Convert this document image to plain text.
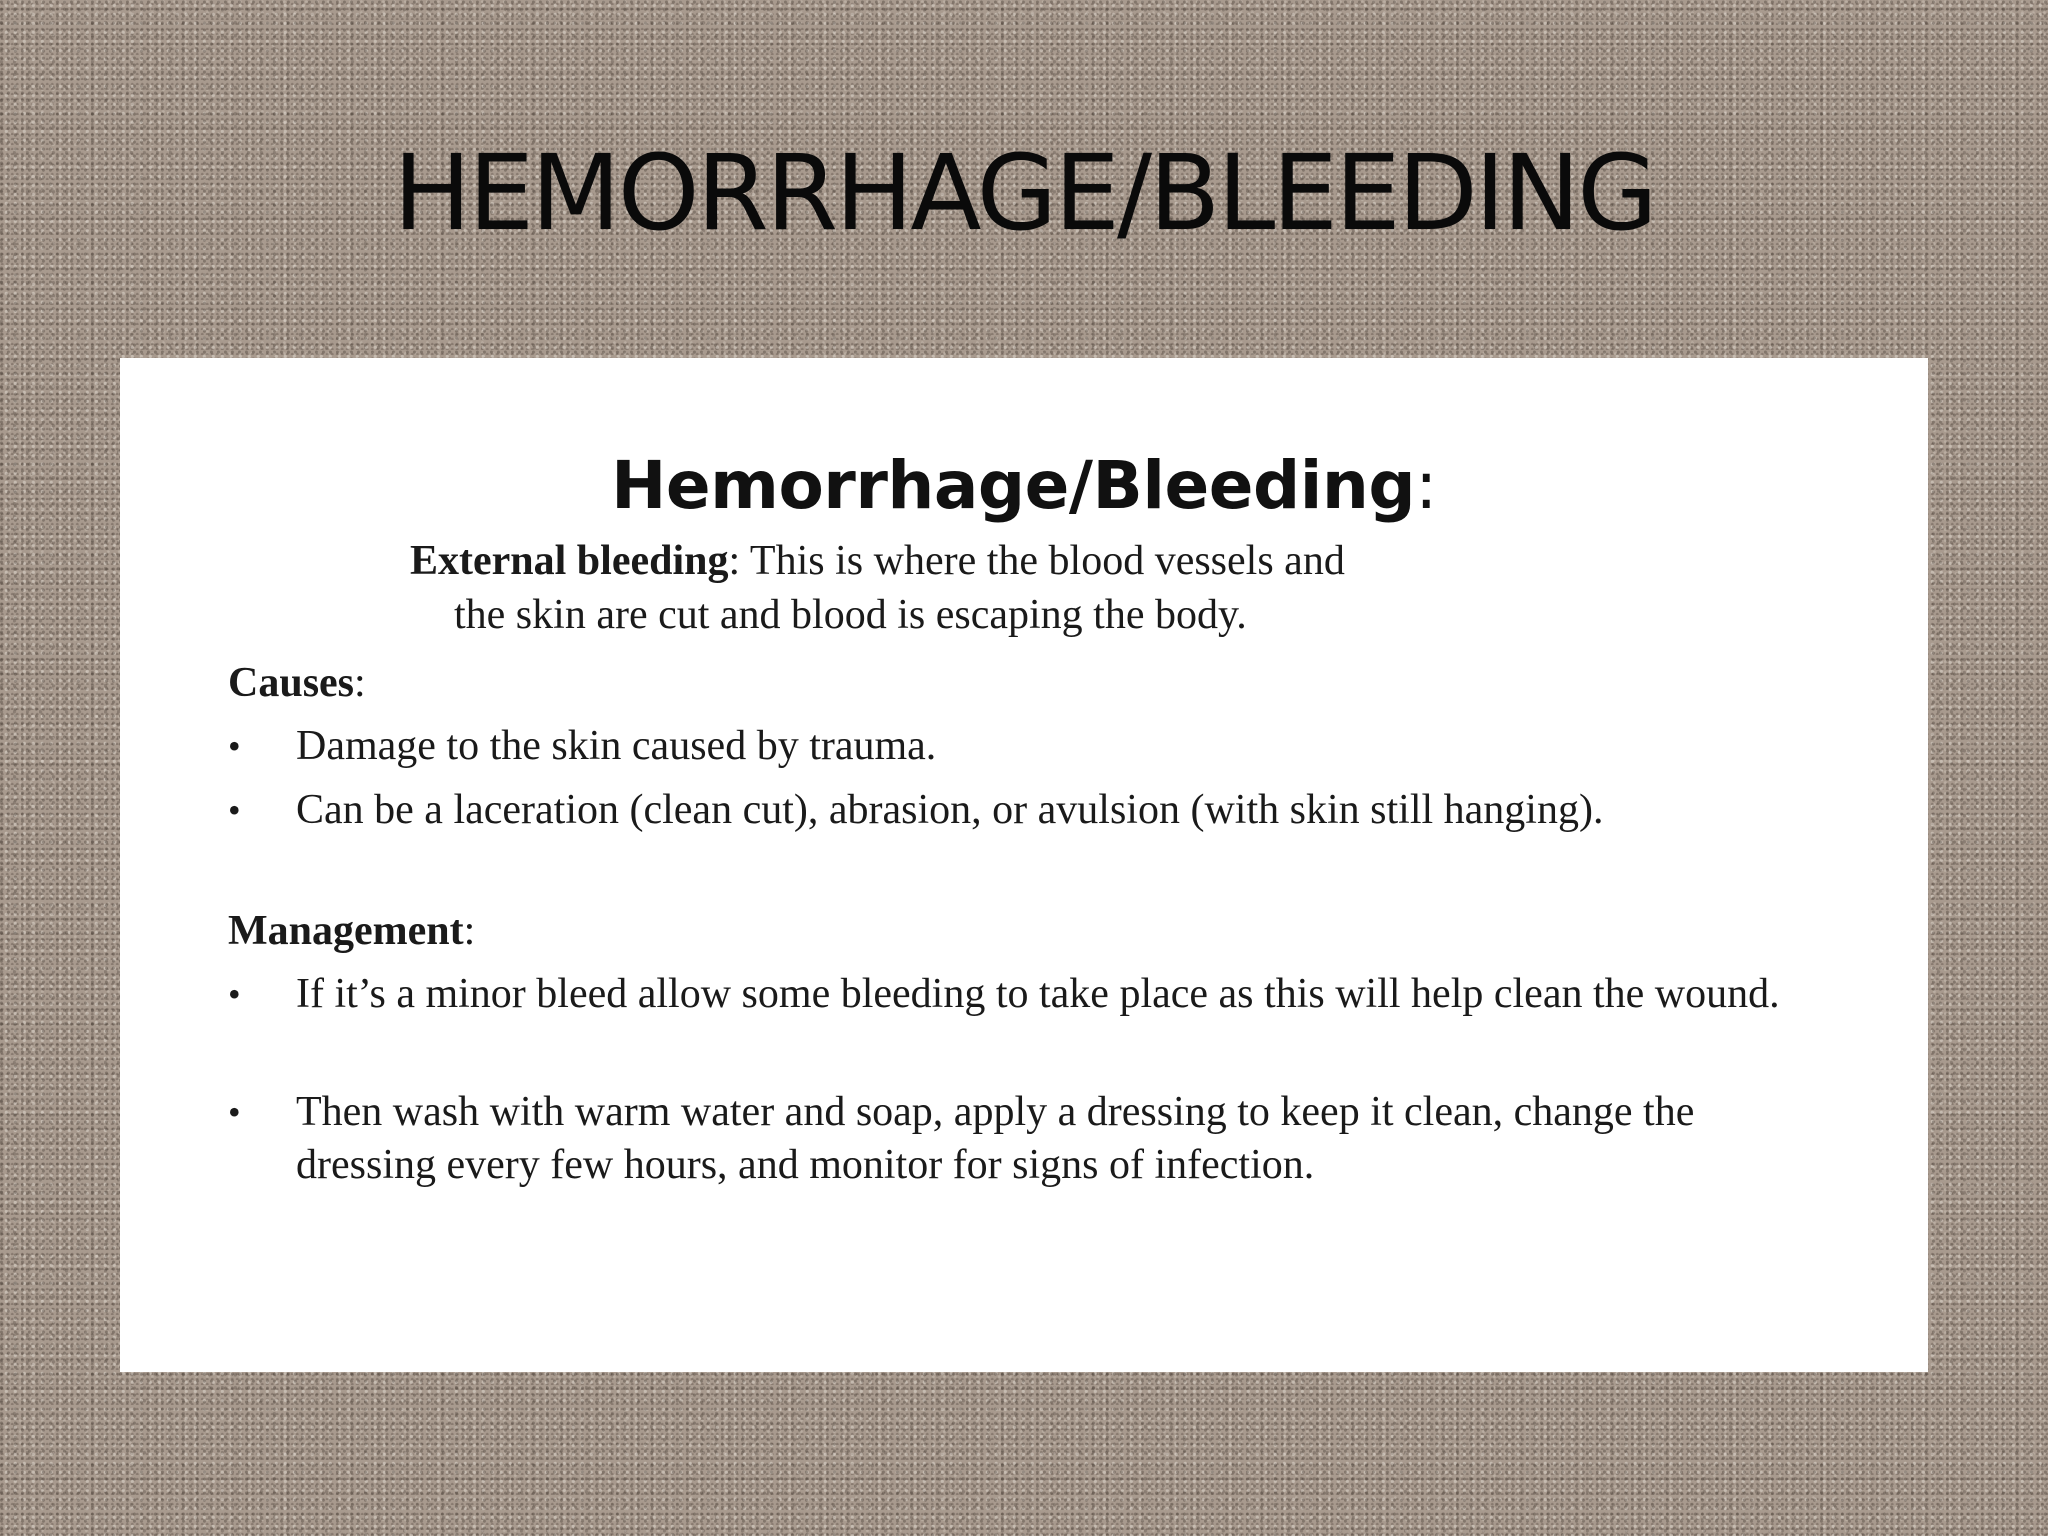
HEMORRHAGE/BLEEDING
Hemorrhage/Bleeding:
External bleeding: This is where the blood vessels and
the skin are cut and blood is escaping the body.
Causes:
•	Damage to the skin caused by trauma.
•	Can be a laceration (clean cut), abrasion, or avulsion (with skin still hanging).
Management:
•	If it’s a minor bleed allow some bleeding to take place as this will help clean the wound.
•	Then wash with warm water and soap, apply a dressing to keep it clean, change the dressing every few hours, and monitor for signs of infection.
